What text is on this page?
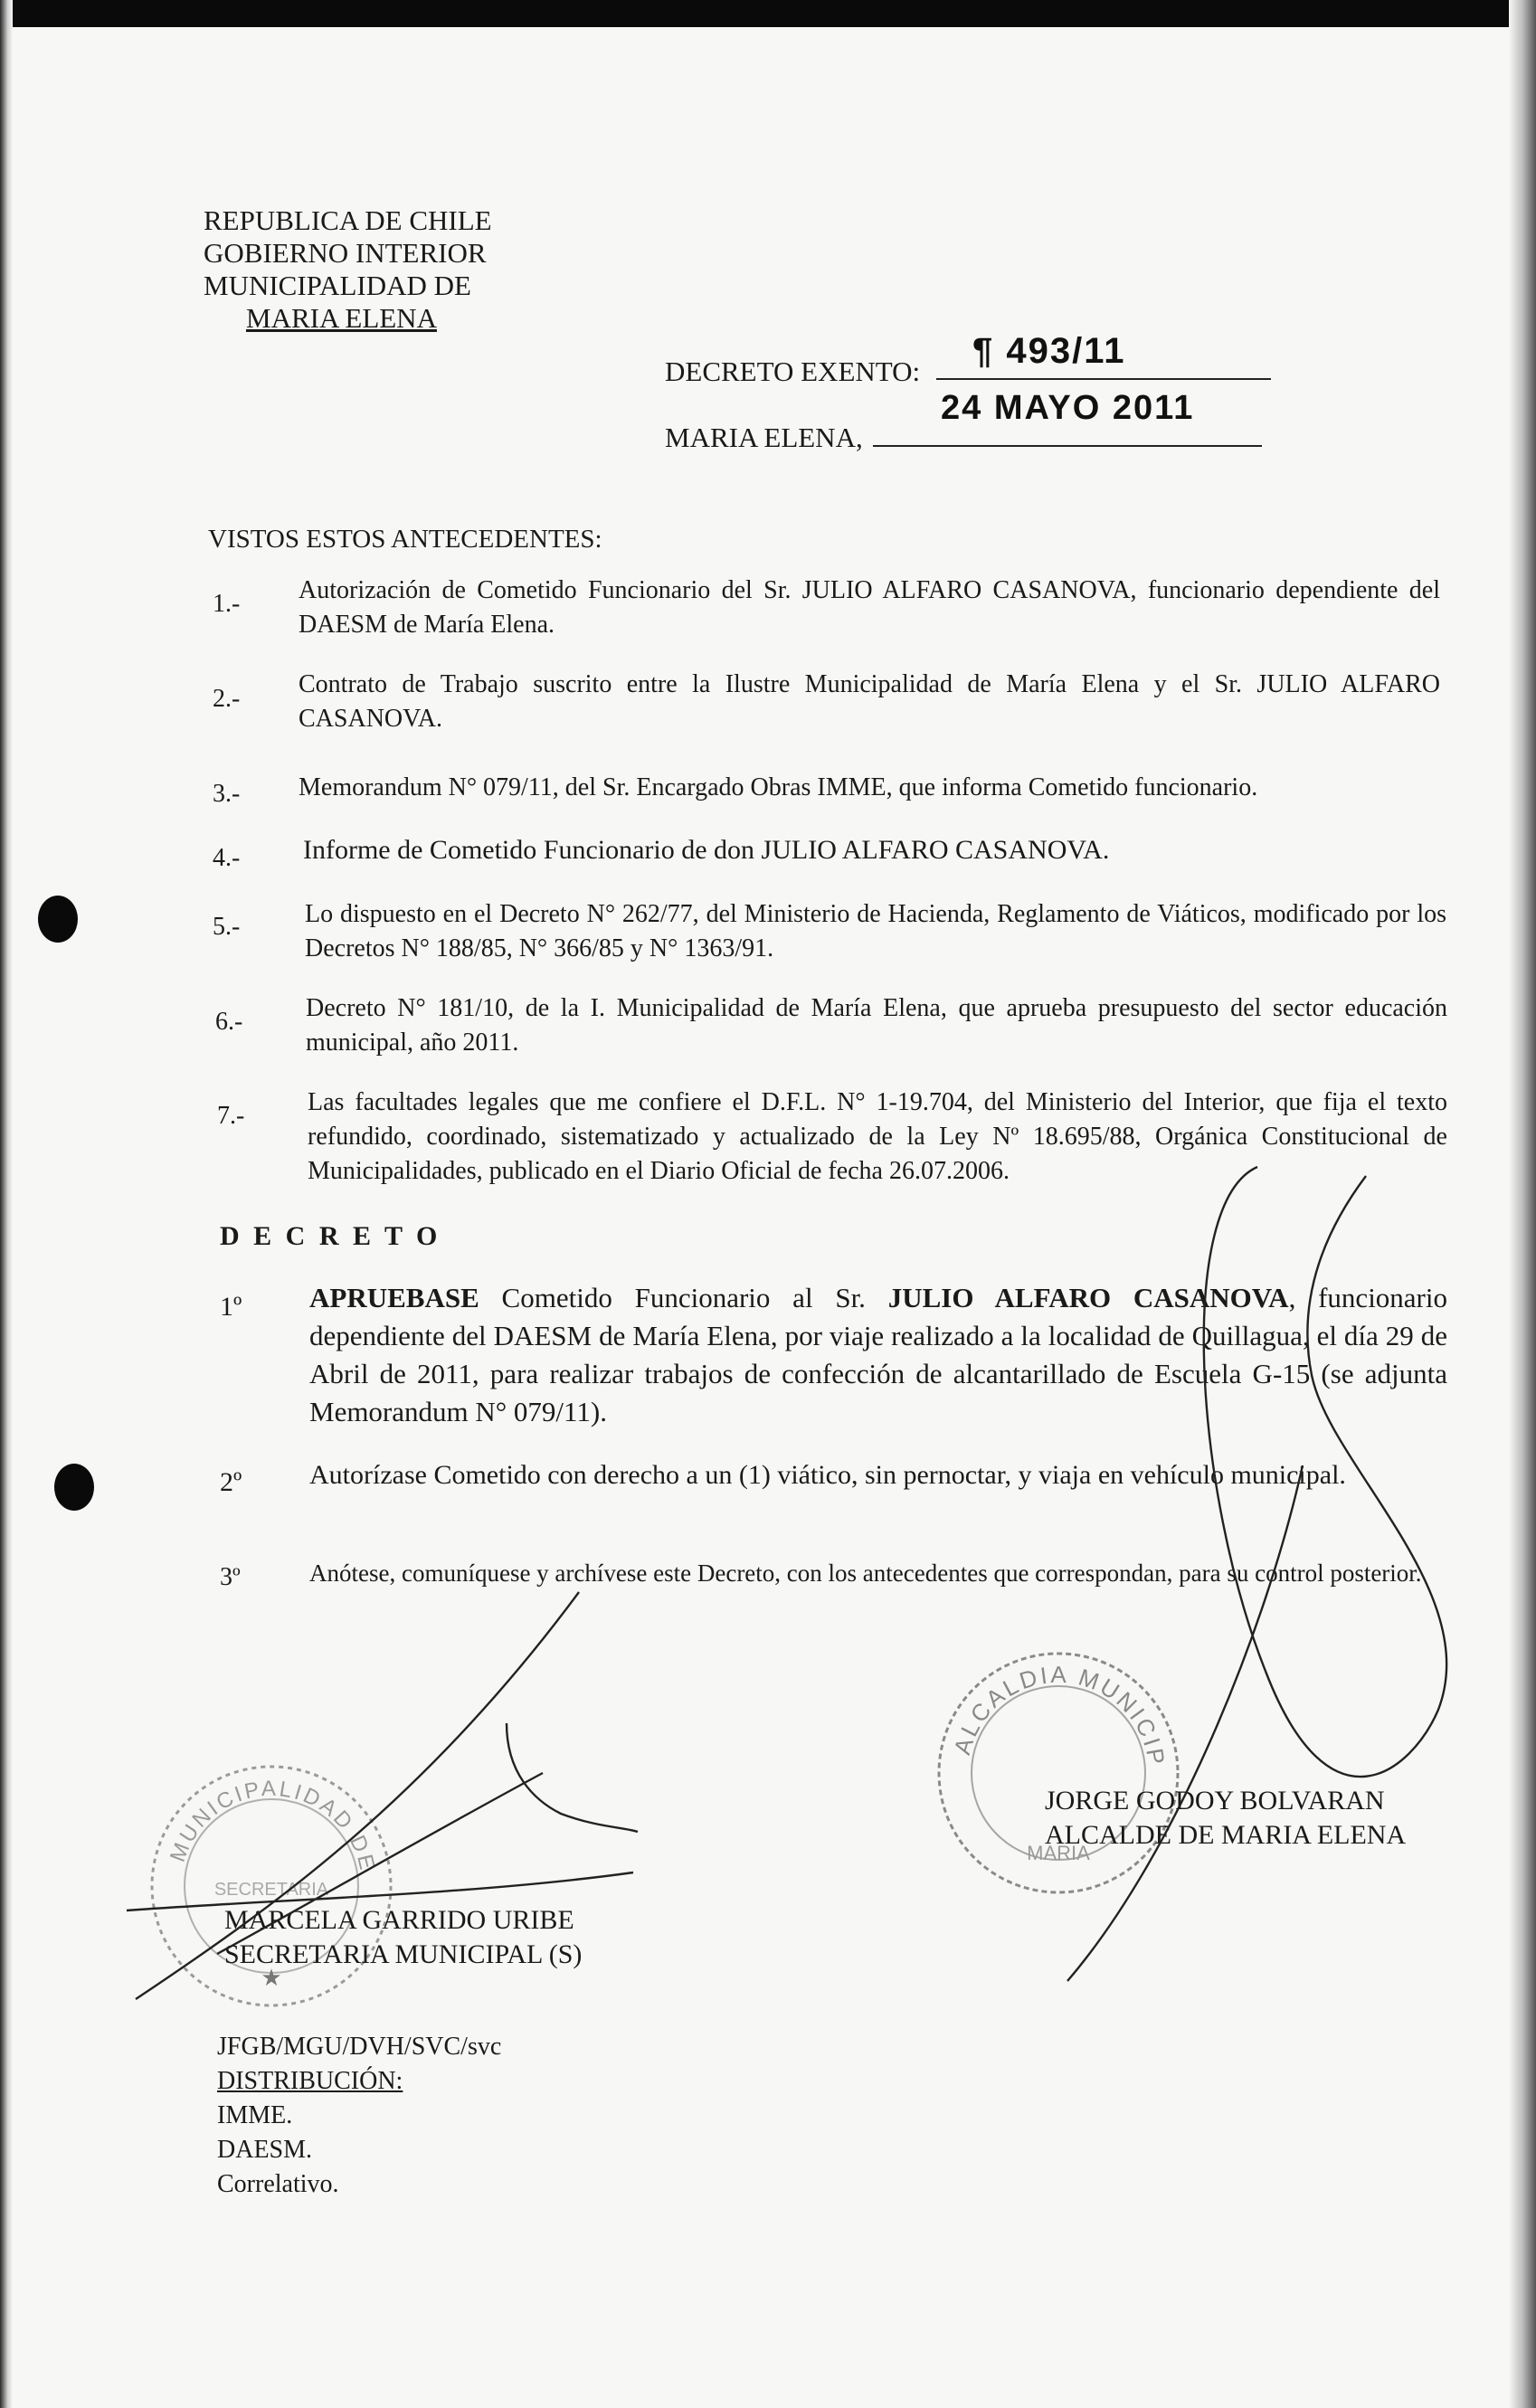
REPUBLICA DE CHILE
GOBIERNO INTERIOR
MUNICIPALIDAD DE
MARIA ELENA
DECRETO EXENTO:
¶ 493/11
MARIA ELENA,
24 MAYO 2011
VISTOS ESTOS ANTECEDENTES:
1.- Autorización de Cometido Funcionario del Sr. JULIO ALFARO CASANOVA, funcionario dependiente del DAESM de María Elena.
2.-
Contrato de Trabajo suscrito entre la Ilustre Municipalidad de María Elena y el Sr. JULIO ALFARO CASANOVA.
3.- Memorandum N° 079/11, del Sr. Encargado Obras IMME, que informa Cometido funcionario.
4.- Informe de Cometido Funcionario de don JULIO ALFARO CASANOVA.
5.-	Lo dispuesto en el Decreto N° 262/77, del Ministerio de Hacienda, Reglamento de Viáticos, modificado por los Decretos N° 188/85, N° 366/85 y N° 1363/91.
6.- Decreto N° 181/10, de la I. Municipalidad de María Elena, que aprueba presupuesto del sector educación municipal, año 2011.
7.- Las facultades legales que me confiere el D.F.L. N° 1-19.704, del Ministerio del Interior, que fija el texto refundido, coordinado, sistematizado y actualizado de la Ley Nº 18.695/88, Orgánica Constitucional de Municipalidades, publicado en el Diario Oficial de fecha 26.07.2006.
D E C R E T O
1º APRUEBASE Cometido Funcionario al Sr. JULIO ALFARO CASANOVA, funcionario dependiente del DAESM de María Elena, por viaje realizado a la localidad de Quillagua, el día 29 de Abril de 2011, para realizar trabajos de confección de alcantarillado de Escuela G-15 (se adjunta Memorandum N° 079/11).
2º Autorízase Cometido con derecho a un (1) viático, sin pernoctar, y viaja en vehículo municipal.
3º	Anótese, comuníquese y archívese este Decreto, con los antecedentes que correspondan, para su control posterior.
ALCALDIA MUNICIP
MARIA
MUNICIPALIDAD DE
SECRETARIA
★
JORGE GODOY BOLVARAN
ALCALDE DE MARIA ELENA
MARCELA GARRIDO URIBE
SECRETARIA MUNICIPAL (S)
JFGB/MGU/DVH/SVC/svc
DISTRIBUCIÓN:
IMME.
DAESM.
Correlativo.
